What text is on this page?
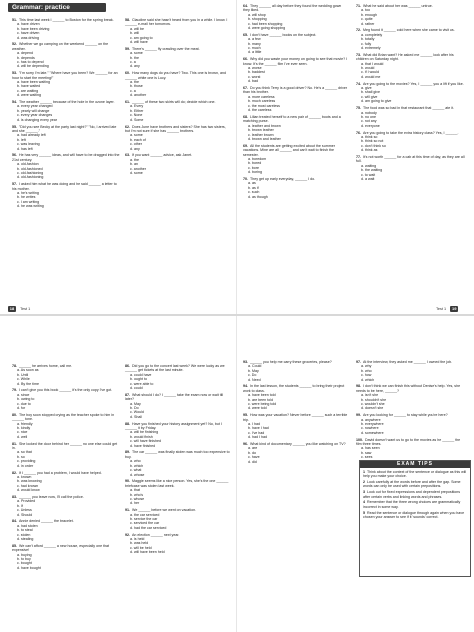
Grammar: practice
51. This time last week I ______ to Boston for the spring break.
a. have driven
b. have been driving
c. have driven
d. was driving
52. Whether we go camping on the weekend ______ on the weather.
a. depend
b. depends
c. has to depend
d. will be depending
53. "I'm sorry I'm late." "Where have you been? We ______ for an hour to start the meeting!"
a. have been waiting
b. have waited
c. are waiting
d. were waiting
54. The weather ______ because of the hole in the ozone layer.
a. every year changed
b. yearly will change
c. every year changes
d. is changing every year
55. "Did you see Becky at the party last night?" "No, I arrived late and she ______."
a. had already left
b. left
c. was leaving
d. has left
56. He has very ______ ideas, and will have to be dragged into the 21st century.
a. old-fashion
b. old-fashioned
c. old-fashioning
d. old-fashioning
57. I asked him what he was doing and he said ______ a letter to his mother.
a. he's writing
b. he writes
c. I am writing
d. he was writing
58. Claudine said she hasn't heard from you in a while. I know. I ______ e-mail her tomorrow.
a. will be
b. will
c. am going to
d. will have
59. There's ______ fly crawling over the meat.
a. some
b. the
c. a
d. any
60. How many dogs do you have? Two. This one is brown, and ______ white one is Lucy.
a. the
b. those
c. a
d. another
61. ______ of these two skirts will do; decide which one.
a. Every
b. Either
c. None
d. Some
62. Does June have brothers and sisters? She has two sisters, but I'm not sure if she has ______ brothers.
a. some
b. each of
c. other
d. any
63. If you want ______ advice, ask Janet.
a. the
b. an
c. another
d. some
64. They ______ all day before they found the wedding gown they liked.
a. will shop
b. shopping
c. had been shopping
d. were going shopping
65. I don't have ______ books on the subject.
a. a few
b. many
c. much
d. a little
66. Why did you waste your money on going to see that movie? I know. It's the ______ film I've ever seen.
a. worse
b. baddest
c. worst
d. bad
67. Do you think Terry is a good driver? No. He's a ______ driver than his brother.
a. more careless
b. much careless
c. the most careless
d. the careless
68. Lilian treated herself to a new pair of ______ boots and a matching purse.
a. leather and brown
b. brown leather
c. leather brown
d. brown and leather
69. All the students are getting excited about the summer vacations. Mine are all ______ and can't wait to finish the semester.
a. boredom
b. bored
c. bore
d. boring
70. They get up early everyday, ______ I do.
a. as
b. as if
c. such
d. as though
71. What he said about her was ______ untrue.
a. too
b. enough
c. quite
d. rather
72. Meg found it ______ cold here when she came to visit us.
a. completely
b. totally
c. fully
d. extremely
73. What did Brian want? He asked me ______ look after his children on Saturday night.
a. that I would
b. would
c. if I would
d. would me
74. Are you going to the movies? Yes, I ______ you a lift if you like.
a. give
b. shall give
c. will give
d. am going to give
75. The food was so bad in that restaurant that ______ ate it.
a. nobody
b. no one
c. not any
d. everyone
76. Are you going to take the extra history class? Yes, I ______.
a. think so
b. think so not
c. don't think so
d. think as
77. It's not worth ______ for a cab at this time of day, as they are all full.
a. waiting
b. the waiting
c. to wait
d. a wait
18 Test 1	Test 1 19
78. ______ he arrives home, call me.
a. As soon as
b. Until
c. While
d. By the time
79. I can't give you this book ______ it's the only copy I've got.
a. since
b. owing to
c. due to
d. for
80. The boy soon stopped crying as the teacher spoke to him in ______ tone.
a. friendly
b. kindly
c. nice
d. well
81. She locked the door behind her ______ no one else could get in.
a. so that
b. so
c. providing
d. in order
82. If I ______ you had a problem, I would have helped.
a. known
b. was knowing
c. had known
d. would know
83. ______ you leave now, I'll call the police.
a. Provided
b. If
c. Unless
d. Should
84. Annie denied ______ the bracelet.
a. had stolen
b. to steal
c. stolen
d. stealing
85. We can't afford ______ a new house, especially one that expensive!
a. buying
b. to buy
c. bought
d. have bought
86. Did you go to the concert last week? We were lucky as we ______ get tickets at the last minute.
a. could have
b. ought to
c. were able to
d. could
87. What should I do? I ______ take the exam now or wait till later?
a. May
b. Do
c. Would
d. Shall
88. Have you finished your history assignment yet? No, but I ______ it by Friday.
a. will be finishing
b. would finish
c. will have finished
d. have finished
89. The car ______ was finally stolen was much too expensive to buy.
a. who
b. which
c. what
d. whose
90. Maggie seems like a nice person. Yes, she's the one ______ briefcase was stolen last week.
a. that
b. who's
c. whose
d. her
91. We ______ before we went on vacation.
a. the car serviced
b. service the car
c. serviced the car
d. had the car serviced
92. An election ______ next year.
a. is held
b. was held
c. will be held
d. will have been held
93. ______ you help me carry these groceries, please?
a. Could
b. May
c. Do
d. Need
94. In the last lesson, the students ______ to bring their project work to class.
a. have been told
b. are been told
c. were being told
d. were told
95. How was your vacation? Never before ______ such a terrible trip.
a. I had
b. have I had
c. I've had
d. had I had
96. What kind of documentary ______ you like watching on TV?
a. are
b. do
c. have
d. did
97. At the interview, they asked me ______ I owned the job.
a. why
b. who
c. how
d. which
98. I don't think we can finish this without Denise's help. Yes, she needs to be here, ______?
a. isn't she
b. shouldn't she
c. wouldn't she
d. doesn't she
99. Are you looking for ______ to stay while you're here?
a. anywhere
b. everywhere
c. nowhere
d. somewhere
100. David doesn't want us to go to the movies as he ______ the film three times.
a. has seen
b. saw
c. sees
EXAM TIPS
1 Think about the context of the sentence or dialogue as this will help you make your choice.
2 Look carefully at the words before and after the gap. Some words can only be used with certain prepositions.
3 Look out for fixed expressions and dependent prepositions after certain verbs and linking words and phrases.
4 Remember that the three wrong choices are grammatically incorrect in some way.
5 Read the sentence or dialogue through again when you have chosen your answer to see if it 'sounds' correct.
